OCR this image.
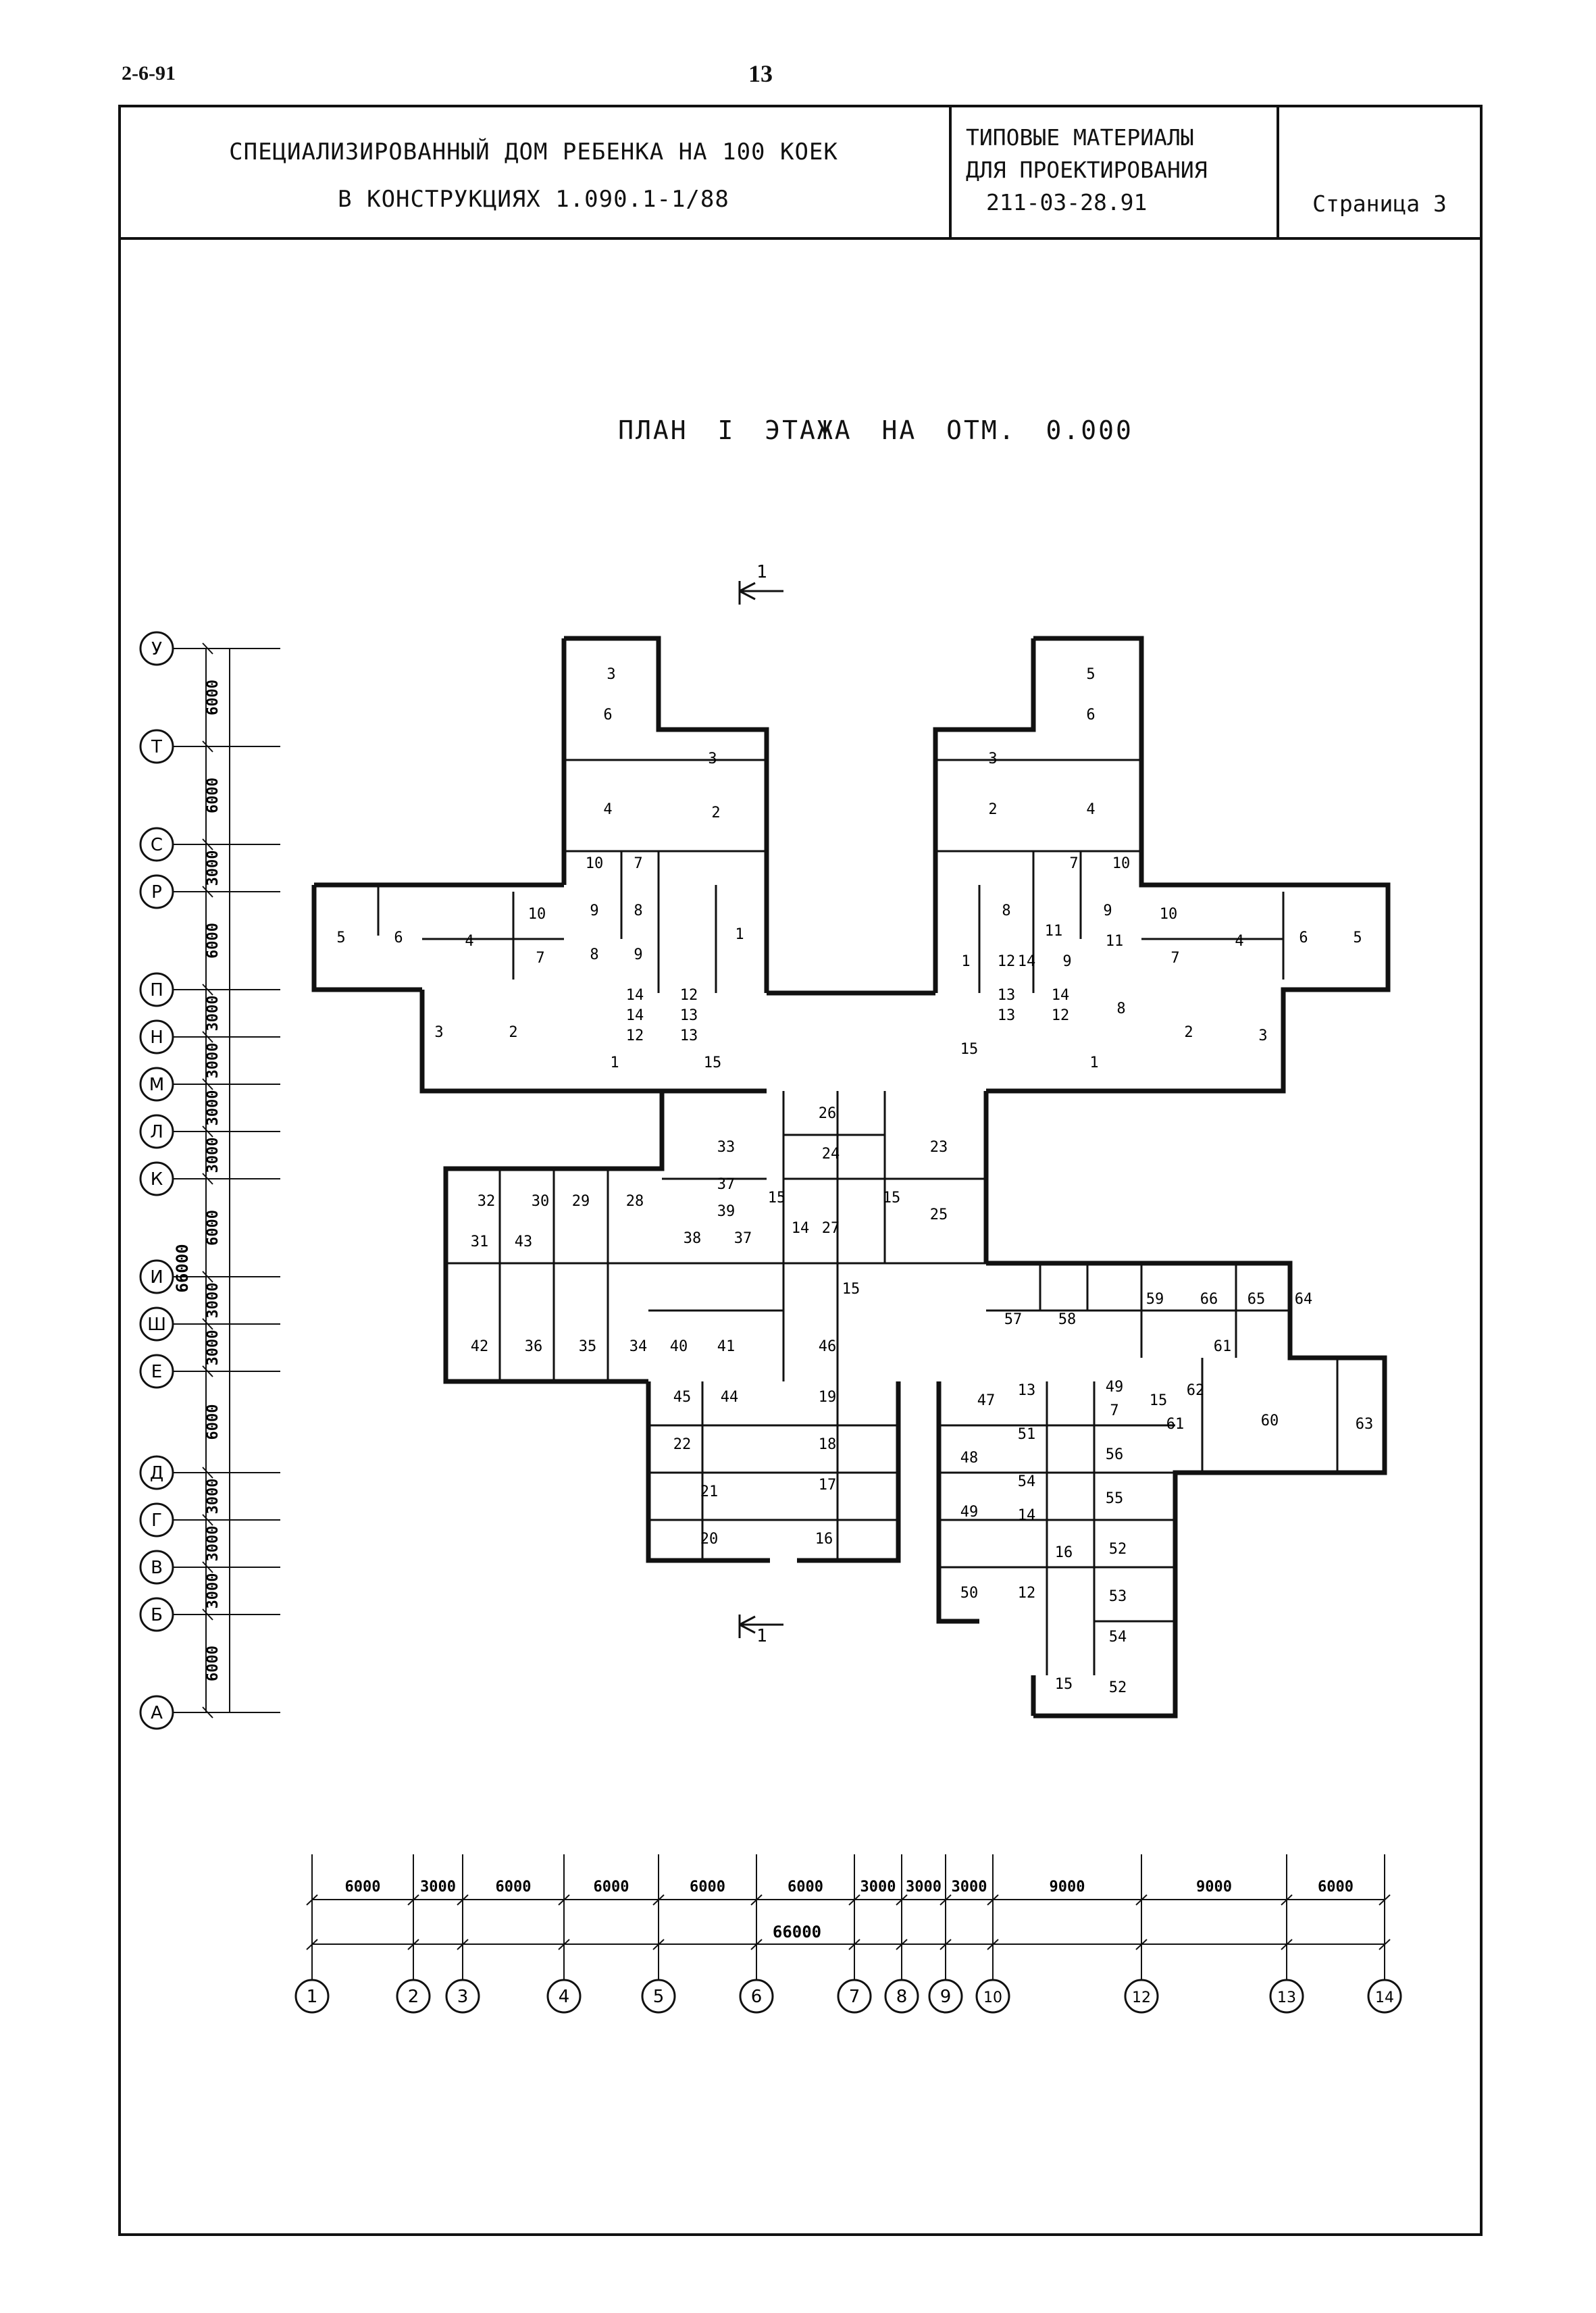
2-6-91	13
СПЕЦИАЛИЗИРОВАННЫЙ ДОМ РЕБЕНКА НА 100 КОЕК
В КОНСТРУКЦИЯХ 1.090.1-1/88
ТИПОВЫЕ МАТЕРИАЛЫ
ДЛЯ ПРОЕКТИРОВАНИЯ
211-03-28.91	Страница 3
ПЛАН I ЭТАЖА НА ОТМ. 0.000
У
6000
Т
6000
С
3000
Р
6000
П
3000
Н
3000
М
3000
Л
3000
К
6000
И
3000
Ш
3000
Е
6000
Д
3000
Г
3000
В
3000
Б
6000
А
66000
1
6000
2
3000
3
6000
4
6000
5
6000
6
6000
7
3000
8
3000
9
3000
10
9000
12
9000
13
6000
14
66000
3
6
3
4	2
10 7
9 8
8 9
1
5	6	4
10
7
14 12
13
13
14
12
3	2
1	15
5
6
3
2	4
7 10
8	9
11
11
1 12 14 9
10
4
7
6	5
13 14
12
13	8
2	3
1
15
26
24	23
25
33
37
39
38 37
15	15
14 27
32 30 29 28
31 43
42 36 35 34 40 41	46
15
45 44	19
22	18
21	17
20	16
57 58
59 66 65 64
61
62
60	63
47
13	49
15
7
48
51
56
54
49	14
55
16 52
50	12	53
54
15 52
61
1
1
